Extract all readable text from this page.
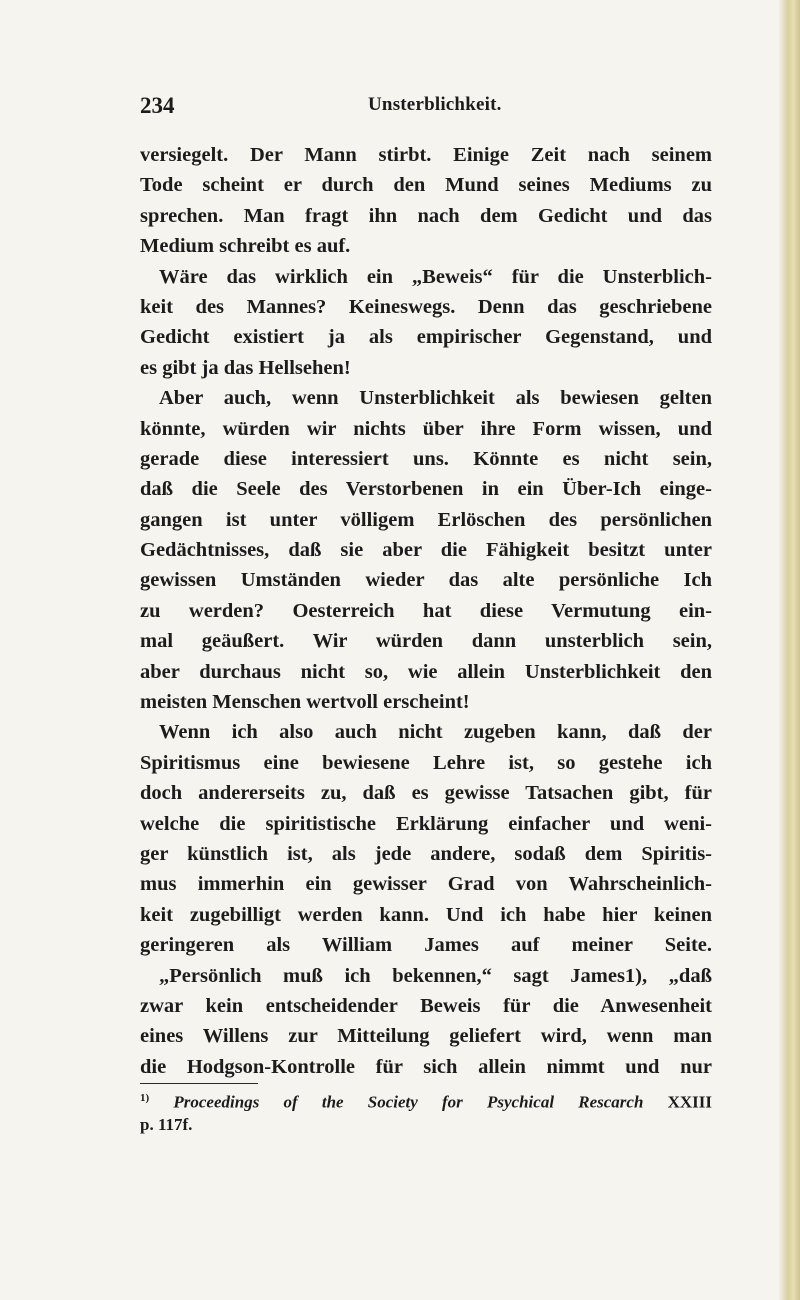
234	Unsterblichkeit.
versiegelt. Der Mann stirbt. Einige Zeit nach seinem
Tode scheint er durch den Mund seines Mediums zu
sprechen. Man fragt ihn nach dem Gedicht und das
Medium schreibt es auf.
Wäre das wirklich ein „Beweis“ für die Unsterblich-
keit des Mannes? Keineswegs. Denn das geschriebene
Gedicht existiert ja als empirischer Gegenstand, und
es gibt ja das Hellsehen!
Aber auch, wenn Unsterblichkeit als bewiesen gelten
könnte, würden wir nichts über ihre Form wissen, und
gerade diese interessiert uns. Könnte es nicht sein,
daß die Seele des Verstorbenen in ein Über-Ich einge-
gangen ist unter völligem Erlöschen des persönlichen
Gedächtnisses, daß sie aber die Fähigkeit besitzt unter
gewissen Umständen wieder das alte persönliche Ich
zu werden? Oesterreich hat diese Vermutung ein-
mal geäußert. Wir würden dann unsterblich sein,
aber durchaus nicht so, wie allein Unsterblichkeit den
meisten Menschen wertvoll erscheint!
Wenn ich also auch nicht zugeben kann, daß der
Spiritismus eine bewiesene Lehre ist, so gestehe ich
doch andererseits zu, daß es gewisse Tatsachen gibt, für
welche die spiritistische Erklärung einfacher und weni-
ger künstlich ist, als jede andere, sodaß dem Spiritis-
mus immerhin ein gewisser Grad von Wahrscheinlich-
keit zugebilligt werden kann. Und ich habe hier keinen
geringeren als William James auf meiner Seite.
„Persönlich muß ich bekennen,“ sagt James1), „daß
zwar kein entscheidender Beweis für die Anwesenheit
eines Willens zur Mitteilung geliefert wird, wenn man
die Hodgson-Kontrolle für sich allein nimmt und nur
$^{1)}$ Proceedings of the Society for Psychical Rescarch XXIII
p. 117f.
